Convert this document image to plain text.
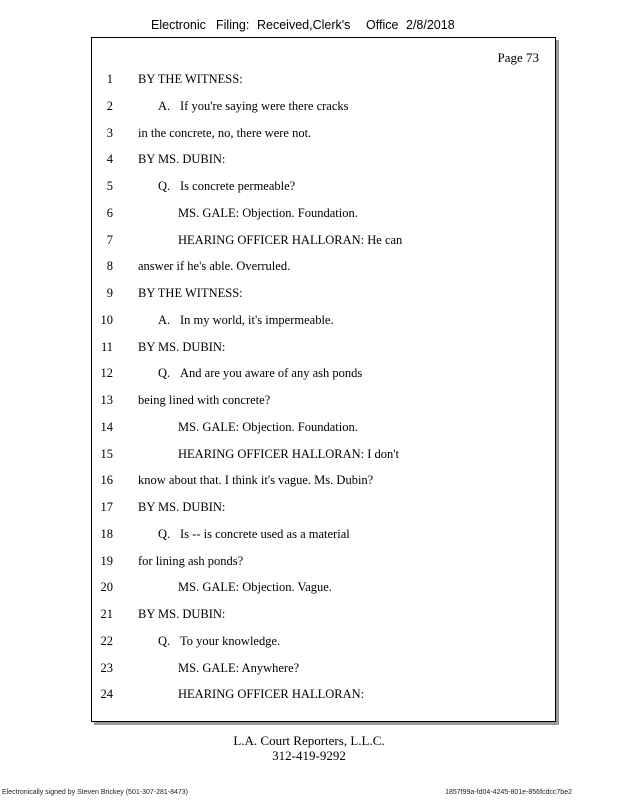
Electronic Filing: Received,Clerk's Office 2/8/2018
Page 73
1 BY THE WITNESS:
2	A. If you're saying were there cracks
3 in the concrete, no, there were not.
4 BY MS. DUBIN:
5	Q. Is concrete permeable?
6	MS. GALE: Objection. Foundation.
7	HEARING OFFICER HALLORAN: He can
8 answer if he's able. Overruled.
9 BY THE WITNESS:
10	A. In my world, it's impermeable.
11 BY MS. DUBIN:
12	Q. And are you aware of any ash ponds
13 being lined with concrete?
14	MS. GALE: Objection. Foundation.
15	HEARING OFFICER HALLORAN: I don't
16 know about that. I think it's vague. Ms. Dubin?
17 BY MS. DUBIN:
18	Q. Is -- is concrete used as a material
19 for lining ash ponds?
20	MS. GALE: Objection. Vague.
21 BY MS. DUBIN:
22	Q. To your knowledge.
23	MS. GALE: Anywhere?
24	HEARING OFFICER HALLORAN:
L.A. Court Reporters, L.L.C.
312-419-9292
Electronically signed by Steven Brickey (501-307-281-8473)	1857f99a-fd04-4245-801e-856fcdcc7be2
